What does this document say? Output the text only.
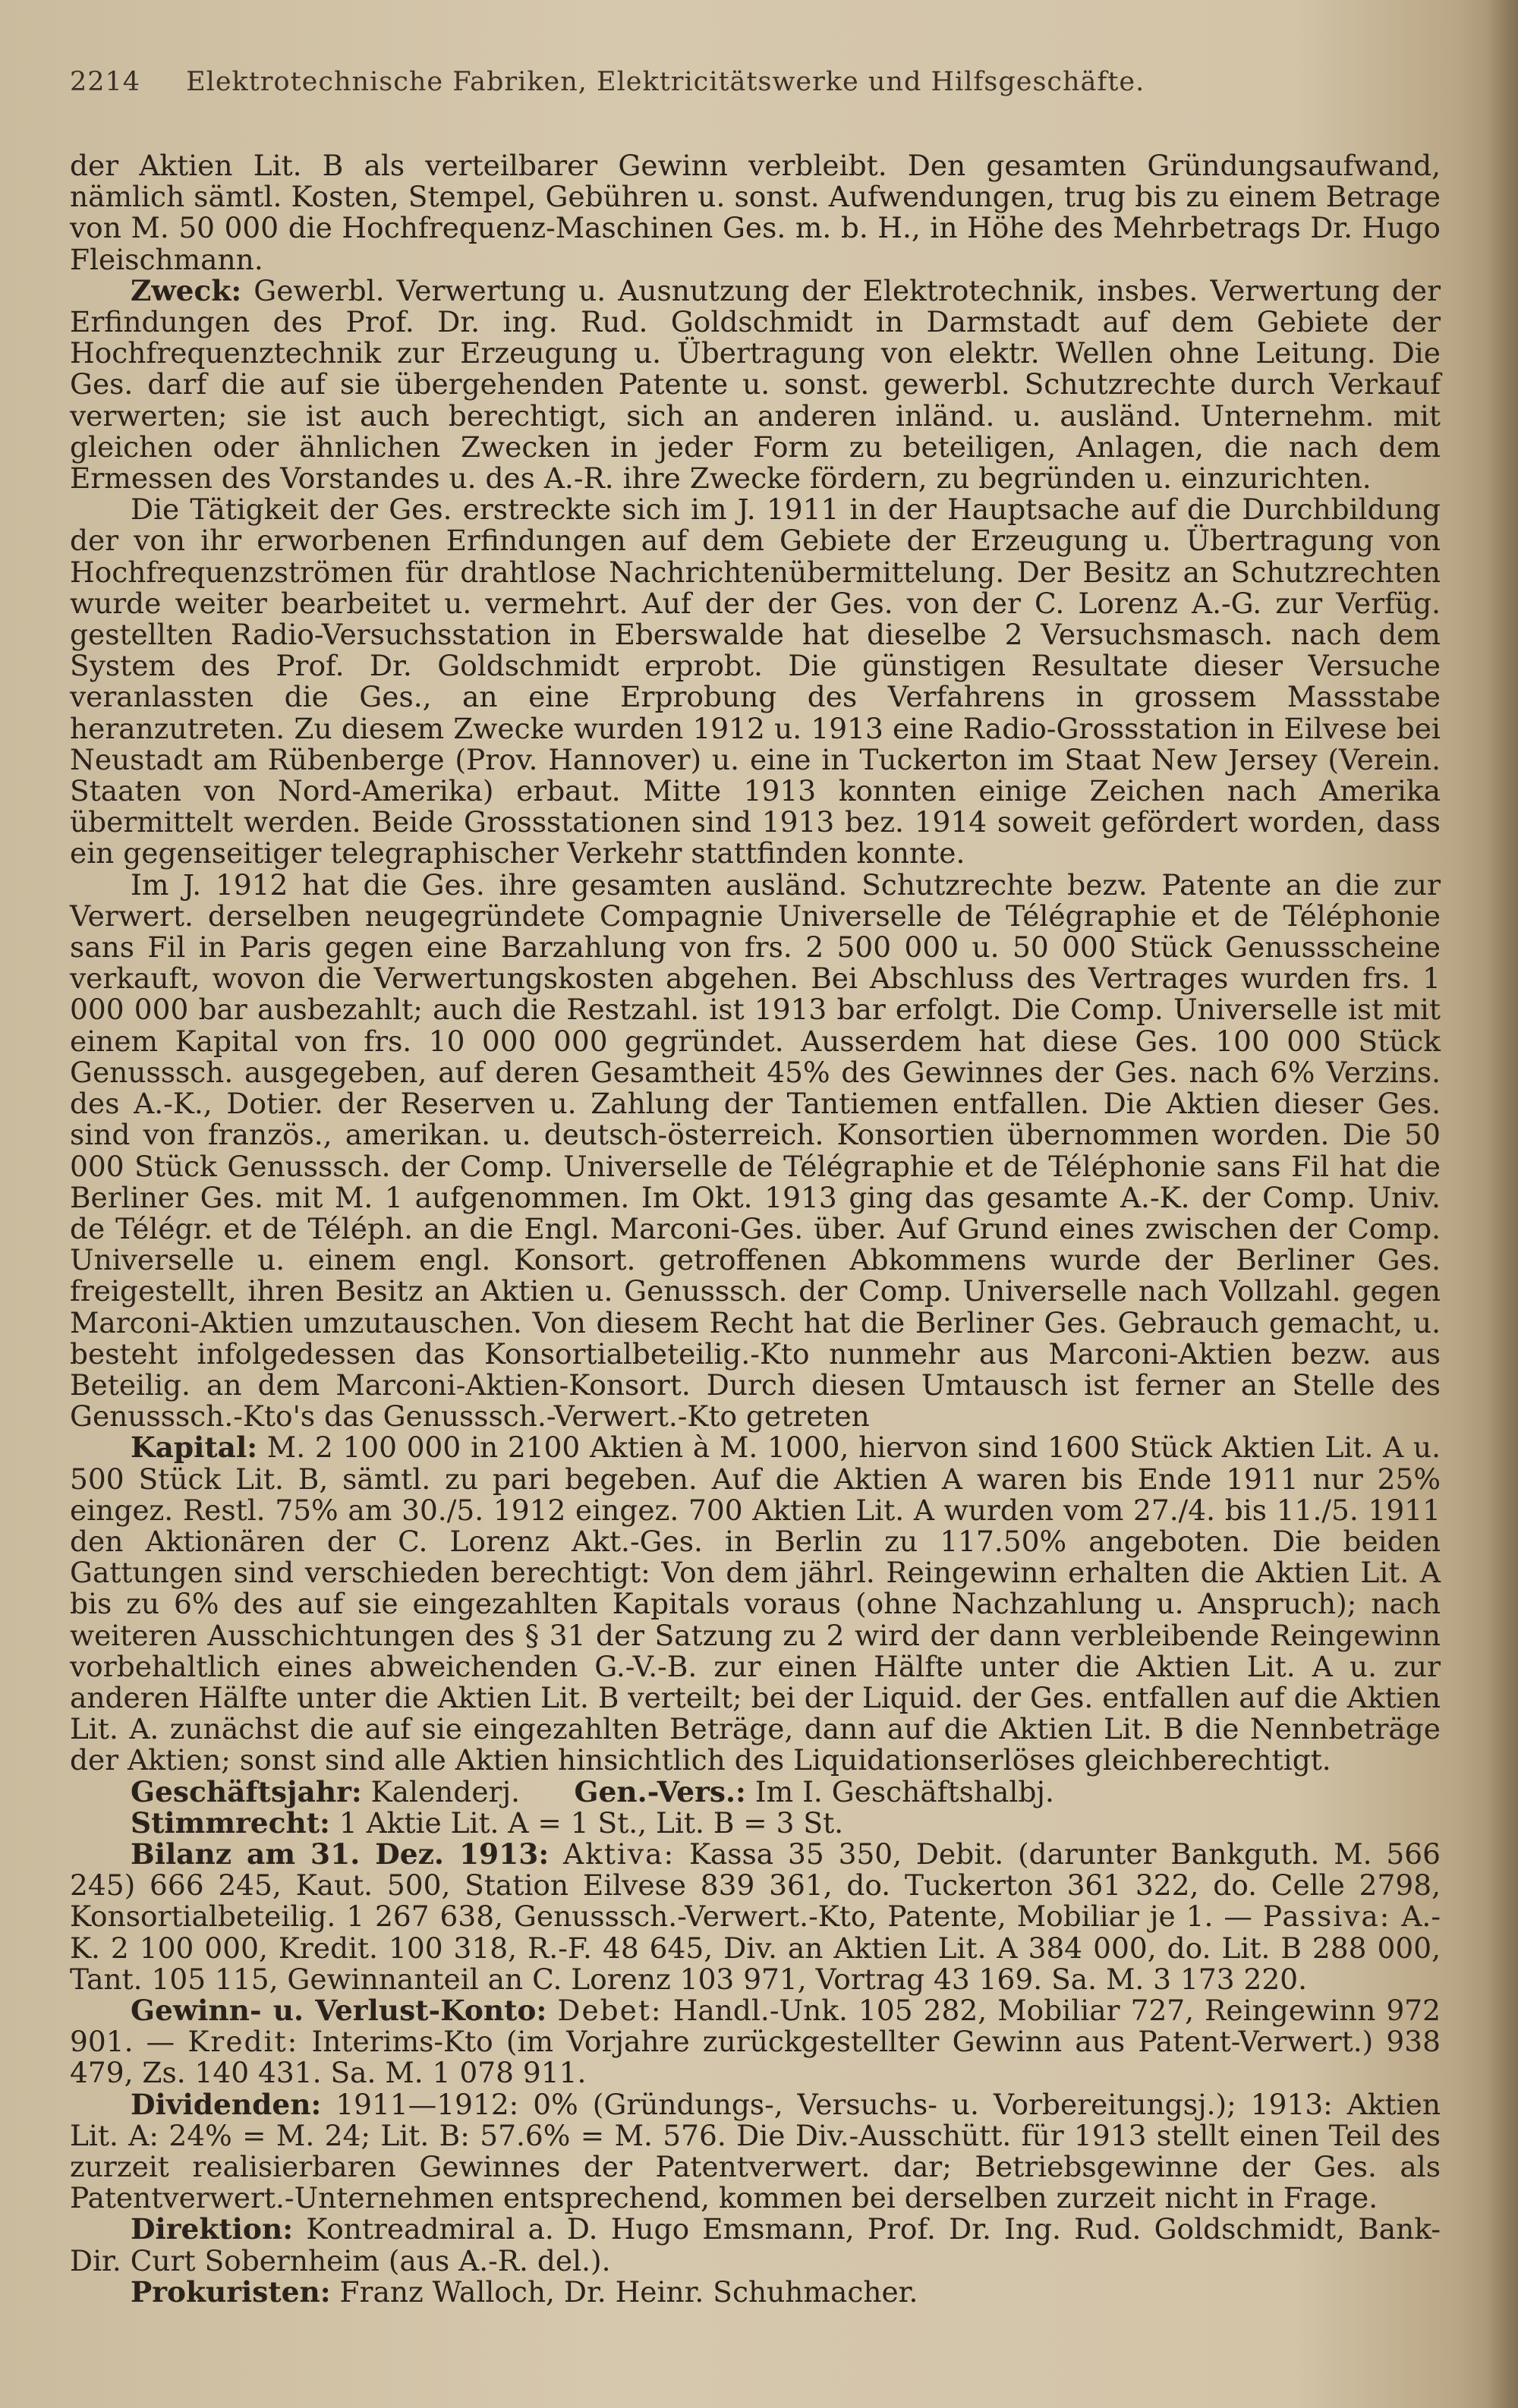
2214 Elektrotechnische Fabriken, Elektricitätswerke und Hilfsgeschäfte.

der Aktien Lit. B als verteilbarer Gewinn verbleibt. Den gesamten Gründungsaufwand, nämlich sämtl. Kosten, Stempel, Gebühren u. sonst. Aufwendungen, trug bis zu einem Betrage von M. 50 000 die Hochfrequenz-Maschinen Ges. m. b. H., in Höhe des Mehrbetrags Dr. Hugo Fleischmann.

Zweck: Gewerbl. Verwertung u. Ausnutzung der Elektrotechnik, insbes. Verwertung der Erfindungen des Prof. Dr. ing. Rud. Goldschmidt in Darmstadt auf dem Gebiete der Hochfrequenztechnik zur Erzeugung u. Übertragung von elektr. Wellen ohne Leitung. Die Ges. darf die auf sie übergehenden Patente u. sonst. gewerbl. Schutzrechte durch Verkauf verwerten; sie ist auch berechtigt, sich an anderen inländ. u. ausländ. Unternehm. mit gleichen oder ähnlichen Zwecken in jeder Form zu beteiligen, Anlagen, die nach dem Ermessen des Vorstandes u. des A.-R. ihre Zwecke fördern, zu begründen u. einzurichten.

Die Tätigkeit der Ges. erstreckte sich im J. 1911 in der Hauptsache auf die Durchbildung der von ihr erworbenen Erfindungen auf dem Gebiete der Erzeugung u. Übertragung von Hochfrequenzströmen für drahtlose Nachrichtenübermittelung. Der Besitz an Schutzrechten wurde weiter bearbeitet u. vermehrt. Auf der der Ges. von der C. Lorenz A.-G. zur Verfüg. gestellten Radio-Versuchsstation in Eberswalde hat dieselbe 2 Versuchsmasch. nach dem System des Prof. Dr. Goldschmidt erprobt. Die günstigen Resultate dieser Versuche veranlassten die Ges., an eine Erprobung des Verfahrens in grossem Massstabe heranzutreten. Zu diesem Zwecke wurden 1912 u. 1913 eine Radio-Grossstation in Eilvese bei Neustadt am Rübenberge (Prov. Hannover) u. eine in Tuckerton im Staat New Jersey (Verein. Staaten von Nord-Amerika) erbaut. Mitte 1913 konnten einige Zeichen nach Amerika übermittelt werden. Beide Grossstationen sind 1913 bez. 1914 soweit gefördert worden, dass ein gegenseitiger telegraphischer Verkehr stattfinden konnte.

Im J. 1912 hat die Ges. ihre gesamten ausländ. Schutzrechte bezw. Patente an die zur Verwert. derselben neugegründete Compagnie Universelle de Télégraphie et de Téléphonie sans Fil in Paris gegen eine Barzahlung von frs. 2 500 000 u. 50 000 Stück Genussscheine verkauft, wovon die Verwertungskosten abgehen. Bei Abschluss des Vertrages wurden frs. 1 000 000 bar ausbezahlt; auch die Restzahl. ist 1913 bar erfolgt. Die Comp. Universelle ist mit einem Kapital von frs. 10 000 000 gegründet. Ausserdem hat diese Ges. 100 000 Stück Genusssch. ausgegeben, auf deren Gesamtheit 45% des Gewinnes der Ges. nach 6% Verzins. des A.-K., Dotier. der Reserven u. Zahlung der Tantiemen entfallen. Die Aktien dieser Ges. sind von französ., amerikan. u. deutsch-österreich. Konsortien übernommen worden. Die 50 000 Stück Genusssch. der Comp. Universelle de Télégraphie et de Téléphonie sans Fil hat die Berliner Ges. mit M. 1 aufgenommen. Im Okt. 1913 ging das gesamte A.-K. der Comp. Univ. de Télégr. et de Téléph. an die Engl. Marconi-Ges. über. Auf Grund eines zwischen der Comp. Universelle u. einem engl. Konsort. getroffenen Abkommens wurde der Berliner Ges. freigestellt, ihren Besitz an Aktien u. Genusssch. der Comp. Universelle nach Vollzahl. gegen Marconi-Aktien umzutauschen. Von diesem Recht hat die Berliner Ges. Gebrauch gemacht, u. besteht infolgedessen das Konsortialbeteilig.-Kto nunmehr aus Marconi-Aktien bezw. aus Beteilig. an dem Marconi-Aktien-Konsort. Durch diesen Umtausch ist ferner an Stelle des Genusssch.-Kto's das Genusssch.-Verwert.-Kto getreten

Kapital: M. 2 100 000 in 2100 Aktien à M. 1000, hiervon sind 1600 Stück Aktien Lit. A u. 500 Stück Lit. B, sämtl. zu pari begeben. Auf die Aktien A waren bis Ende 1911 nur 25% eingez. Restl. 75% am 30./5. 1912 eingez. 700 Aktien Lit. A wurden vom 27./4. bis 11./5. 1911 den Aktionären der C. Lorenz Akt.-Ges. in Berlin zu 117.50% angeboten. Die beiden Gattungen sind verschieden berechtigt: Von dem jährl. Reingewinn erhalten die Aktien Lit. A bis zu 6% des auf sie eingezahlten Kapitals voraus (ohne Nachzahlung u. Anspruch); nach weiteren Ausschichtungen des § 31 der Satzung zu 2 wird der dann verbleibende Reingewinn vorbehaltlich eines abweichenden G.-V.-B. zur einen Hälfte unter die Aktien Lit. A u. zur anderen Hälfte unter die Aktien Lit. B verteilt; bei der Liquid. der Ges. entfallen auf die Aktien Lit. A. zunächst die auf sie eingezahlten Beträge, dann auf die Aktien Lit. B die Nennbeträge der Aktien; sonst sind alle Aktien hinsichtlich des Liquidationserlöses gleichberechtigt.

Geschäftsjahr: Kalenderj. Gen.-Vers.: Im I. Geschäftshalbj.

Stimmrecht: 1 Aktie Lit. A = 1 St., Lit. B = 3 St.

Bilanz am 31. Dez. 1913: Aktiva: Kassa 35 350, Debit. (darunter Bankguth. M. 566 245) 666 245, Kaut. 500, Station Eilvese 839 361, do. Tuckerton 361 322, do. Celle 2798, Konsortialbeteilig. 1 267 638, Genusssch.-Verwert.-Kto, Patente, Mobiliar je 1. — Passiva: A.-K. 2 100 000, Kredit. 100 318, R.-F. 48 645, Div. an Aktien Lit. A 384 000, do. Lit. B 288 000, Tant. 105 115, Gewinnanteil an C. Lorenz 103 971, Vortrag 43 169. Sa. M. 3 173 220.

Gewinn- u. Verlust-Konto: Debet: Handl.-Unk. 105 282, Mobiliar 727, Reingewinn 972 901. — Kredit: Interims-Kto (im Vorjahre zurückgestellter Gewinn aus Patent-Verwert.) 938 479, Zs. 140 431. Sa. M. 1 078 911.

Dividenden: 1911—1912: 0% (Gründungs-, Versuchs- u. Vorbereitungsj.); 1913: Aktien Lit. A: 24% = M. 24; Lit. B: 57.6% = M. 576. Die Div.-Ausschütt. für 1913 stellt einen Teil des zurzeit realisierbaren Gewinnes der Patentverwert. dar; Betriebsgewinne der Ges. als Patentverwert.-Unternehmen entsprechend, kommen bei derselben zurzeit nicht in Frage.

Direktion: Kontreadmiral a. D. Hugo Emsmann, Prof. Dr. Ing. Rud. Goldschmidt, Bank-Dir. Curt Sobernheim (aus A.-R. del.).

Prokuristen: Franz Walloch, Dr. Heinr. Schuhmacher.
